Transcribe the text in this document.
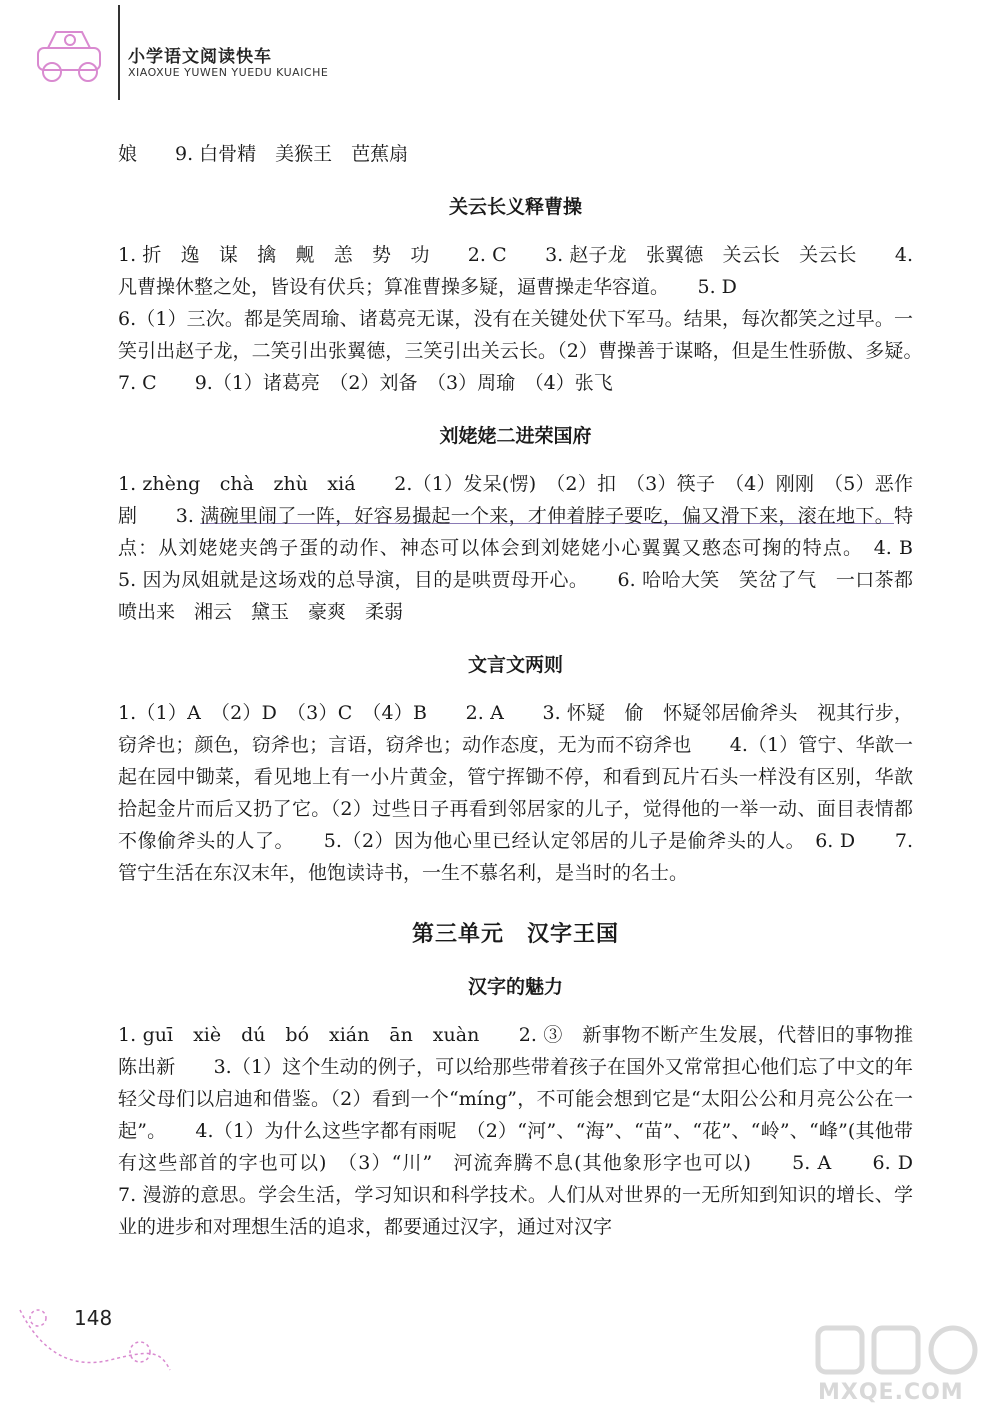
小学语文阅读快车
XIAOXUE YUWEN YUEDU KUAICHE

娘　　9. 白骨精　美猴王　芭蕉扇

关云长义释曹操

1. 折　逸　谋　擒　觍　恙　势　功　　2. C　　3. 赵子龙　张翼德　关云长　关云长　　4. 凡曹操休整之处，皆设有伏兵；算准曹操多疑，逼曹操走华容道。　　5. D

6.（1）三次。都是笑周瑜、诸葛亮无谋，没有在关键处伏下军马。结果，每次都笑之过早。一笑引出赵子龙，二笑引出张翼德，三笑引出关云长。（2）曹操善于谋略，但是生性骄傲、多疑。　7. C　　9.（1）诸葛亮　（2）刘备　（3）周瑜　（4）张飞

刘姥姥二进荣国府

1. zhèng　chà　zhù　xiá　　2.（1）发呆(愣)　（2）扣　（3）筷子　（4）刚刚　（5）恶作剧　　3. 满碗里闹了一阵，好容易撮起一个来，才伸着脖子要吃，偏又滑下来，滚在地下。特点：从刘姥姥夹鸽子蛋的动作、神态可以体会到刘姥姥小心翼翼又憨态可掬的特点。　4. B　　5. 因为凤姐就是这场戏的总导演，目的是哄贾母开心。　　6. 哈哈大笑　笑岔了气　一口茶都喷出来　湘云　黛玉　豪爽　柔弱

文言文两则

1.（1）A　（2）D　（3）C　（4）B　　2. A　　3. 怀疑　偷　怀疑邻居偷斧头　视其行步，窃斧也；颜色，窃斧也；言语，窃斧也；动作态度，无为而不窃斧也　　4.（1）管宁、华歆一起在园中锄菜，看见地上有一小片黄金，管宁挥锄不停，和看到瓦片石头一样没有区别，华歆拾起金片而后又扔了它。（2）过些日子再看到邻居家的儿子，觉得他的一举一动、面目表情都不像偷斧头的人了。　　5.（2）因为他心里已经认定邻居的儿子是偷斧头的人。　6. D　　7. 管宁生活在东汉末年，他饱读诗书，一生不慕名利，是当时的名士。

第三单元　汉字王国
汉字的魅力

1. guī　xiè　dú　bó　xián　ān　xuàn　　2. ③　新事物不断产生发展，代替旧的事物推陈出新　　3.（1）这个生动的例子，可以给那些带着孩子在国外又常常担心他们忘了中文的年轻父母们以启迪和借鉴。（2）看到一个“míng”，不可能会想到它是“太阳公公和月亮公公在一起”。　　4.（1）为什么这些字都有雨呢　（2）“河”、“海”、“苗”、“花”、“岭”、“峰”(其他带有这些部首的字也可以)　（3）“川”　河流奔腾不息(其他象形字也可以)　　5. A　　6. D　　7. 漫游的意思。学会生活，学习知识和科学技术。人们从对世界的一无所知到知识的增长、学业的进步和对理想生活的追求，都要通过汉字，通过对汉字

148
MXQE.COM
